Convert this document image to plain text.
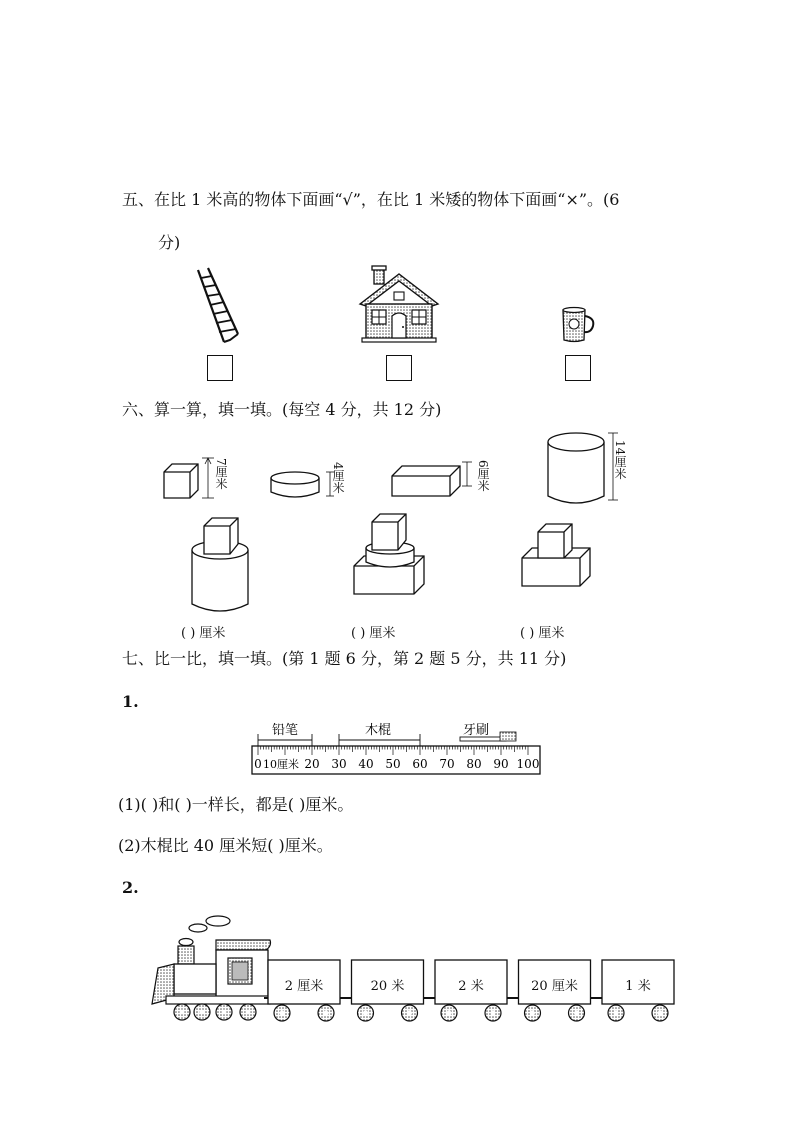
五、在比 1 米高的物体下面画“√”，在比 1 米矮的物体下面画“×”。(6
分)
六、算一算，填一填。(每空 4 分，共 12 分)
7厘米	4厘米	6厘米	14厘米
( ) 厘米	( ) 厘米	( ) 厘米
七、比一比，填一填。(第 1 题 6 分，第 2 题 5 分，共 11 分)
1.
铅笔	木棍	牙刷
0 10厘米 20 30 40 50 60 70 80 90 100
(1)( )和( )一样长，都是( )厘米。
(2)木棍比 40 厘米短( )厘米。
2.
2 厘米	20 米	2 米	20 厘米	1 米
